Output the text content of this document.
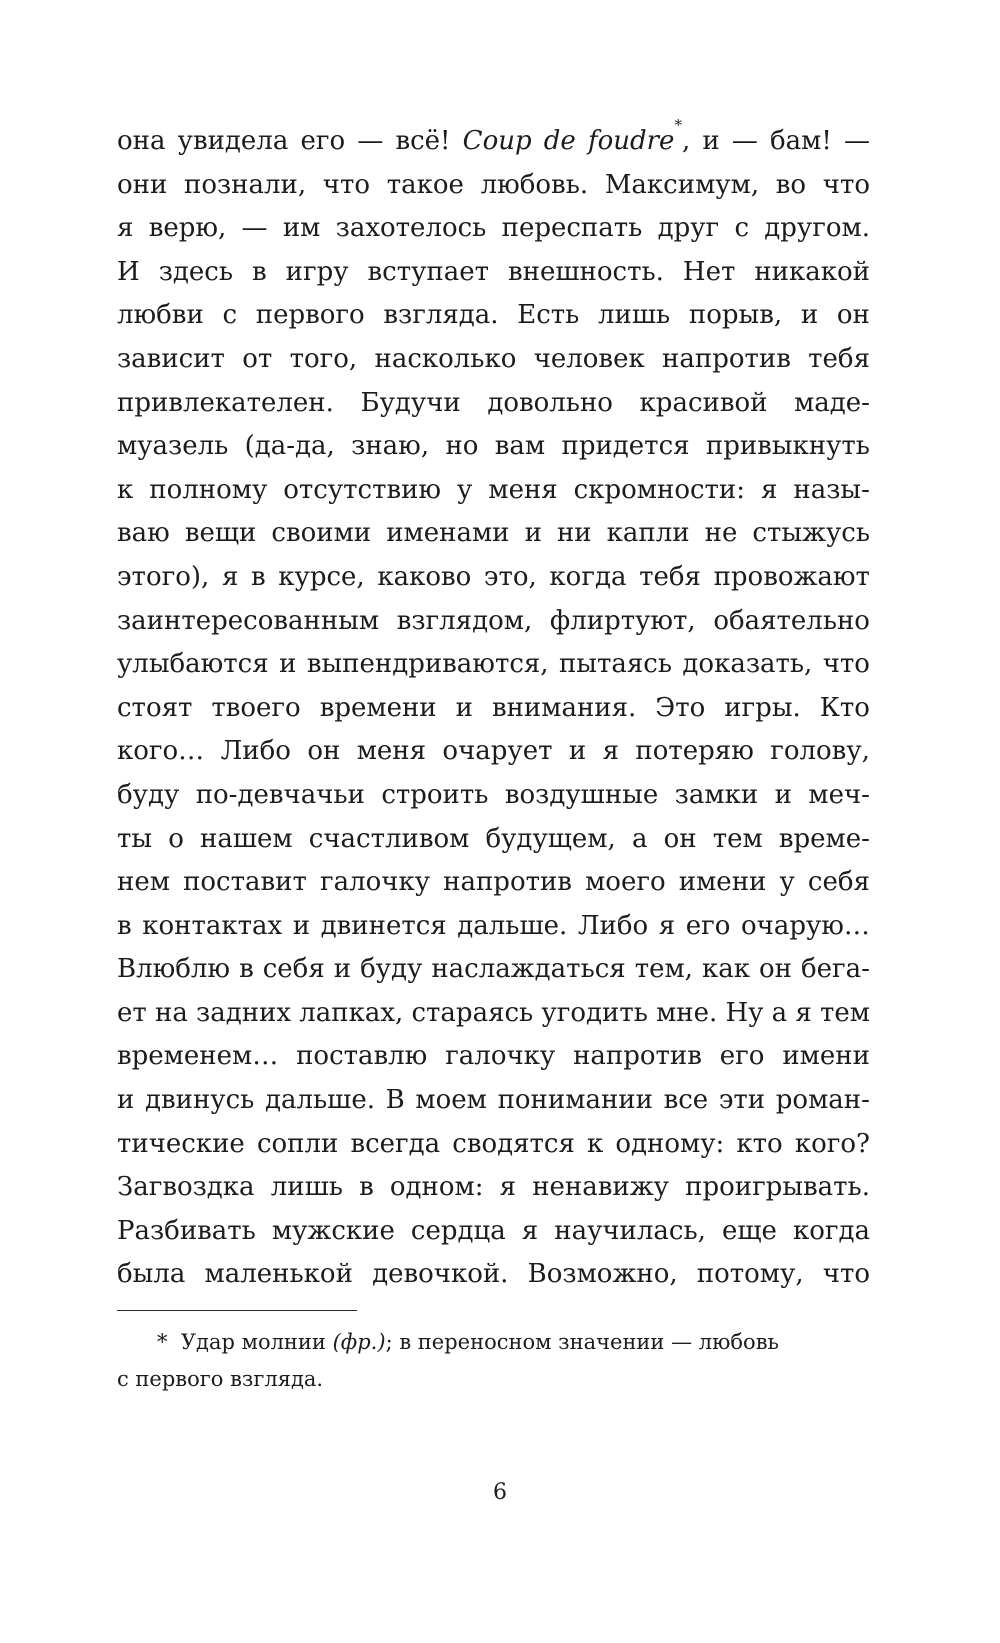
она увидела его — всё! Coup de foudre*, и — бам! —
они познали, что такое любовь. Максимум, во что
я верю, — им захотелось переспать друг с другом.
И здесь в игру вступает внешность. Нет никакой
любви с первого взгляда. Есть лишь порыв, и он
зависит от того, насколько человек напротив тебя
привлекателен. Будучи довольно красивой маде-
муазель (да-да, знаю, но вам придется привыкнуть
к полному отсутствию у меня скромности: я назы-
ваю вещи своими именами и ни капли не стыжусь
этого), я в курсе, каково это, когда тебя провожают
заинтересованным взглядом, флиртуют, обаятельно
улыбаются и выпендриваются, пытаясь доказать, что
стоят твоего времени и внимания. Это игры. Кто
кого… Либо он меня очарует и я потеряю голову,
буду по-девчачьи строить воздушные замки и меч-
ты о нашем счастливом будущем, а он тем време-
нем поставит галочку напротив моего имени у себя
в контактах и двинется дальше. Либо я его очарую…
Влюблю в себя и буду наслаждаться тем, как он бега-
ет на задних лапках, стараясь угодить мне. Ну а я тем
временем… поставлю галочку напротив его имени
и двинусь дальше. В моем понимании все эти роман-
тические сопли всегда сводятся к одному: кто кого?
Загвоздка лишь в одном: я ненавижу проигрывать.
Разбивать мужские сердца я научилась, еще когда
была маленькой девочкой. Возможно, потому, что
* Удар молнии (фр.); в переносном значении — любовь
с первого взгляда.
6
